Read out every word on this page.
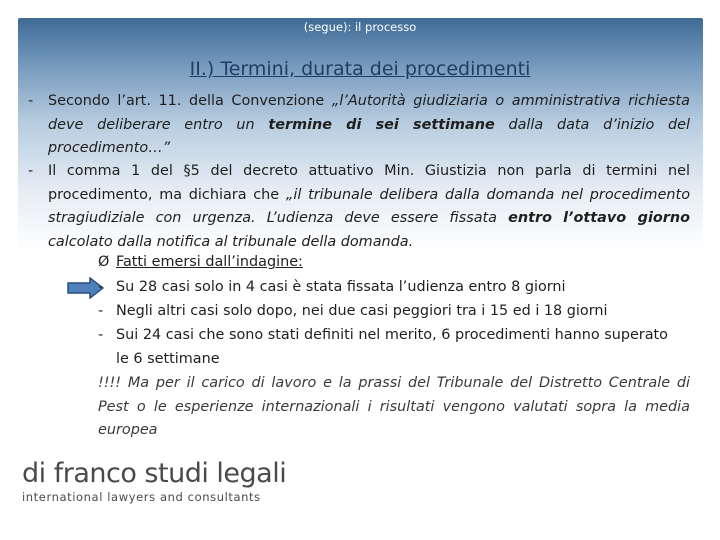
(segue): il processo
II.) Termini, durata dei procedimenti
- Secondo l’art. 11. della Convenzione „l’Autorità giudiziaria o amministrativa richiesta deve deliberare entro un termine di sei settimane dalla data d’inizio del procedimento…”
- Il comma 1 del §5 del decreto attuativo Min. Giustizia non parla di termini nel procedimento, ma dichiara che „il tribunale delibera dalla domanda nel procedimento stragiudiziale con urgenza. L’udienza deve essere fissata entro l’ottavo giorno calcolato dalla notifica al tribunale della domanda.
Ø Fatti emersi dall’indagine:
- Su 28 casi solo in 4 casi è stata fissata l’udienza entro 8 giorni
- Negli altri casi solo dopo, nei due casi peggiori tra i 15 ed i 18 giorni
- Sui 24 casi che sono stati definiti nel merito, 6 procedimenti hanno superato
le 6 settimane
!!!! Ma per il carico di lavoro e la prassi del Tribunale del Distretto Centrale di Pest o le esperienze internazionali i risultati vengono valutati sopra la media europea
di franco studi legali
international lawyers and consultants
